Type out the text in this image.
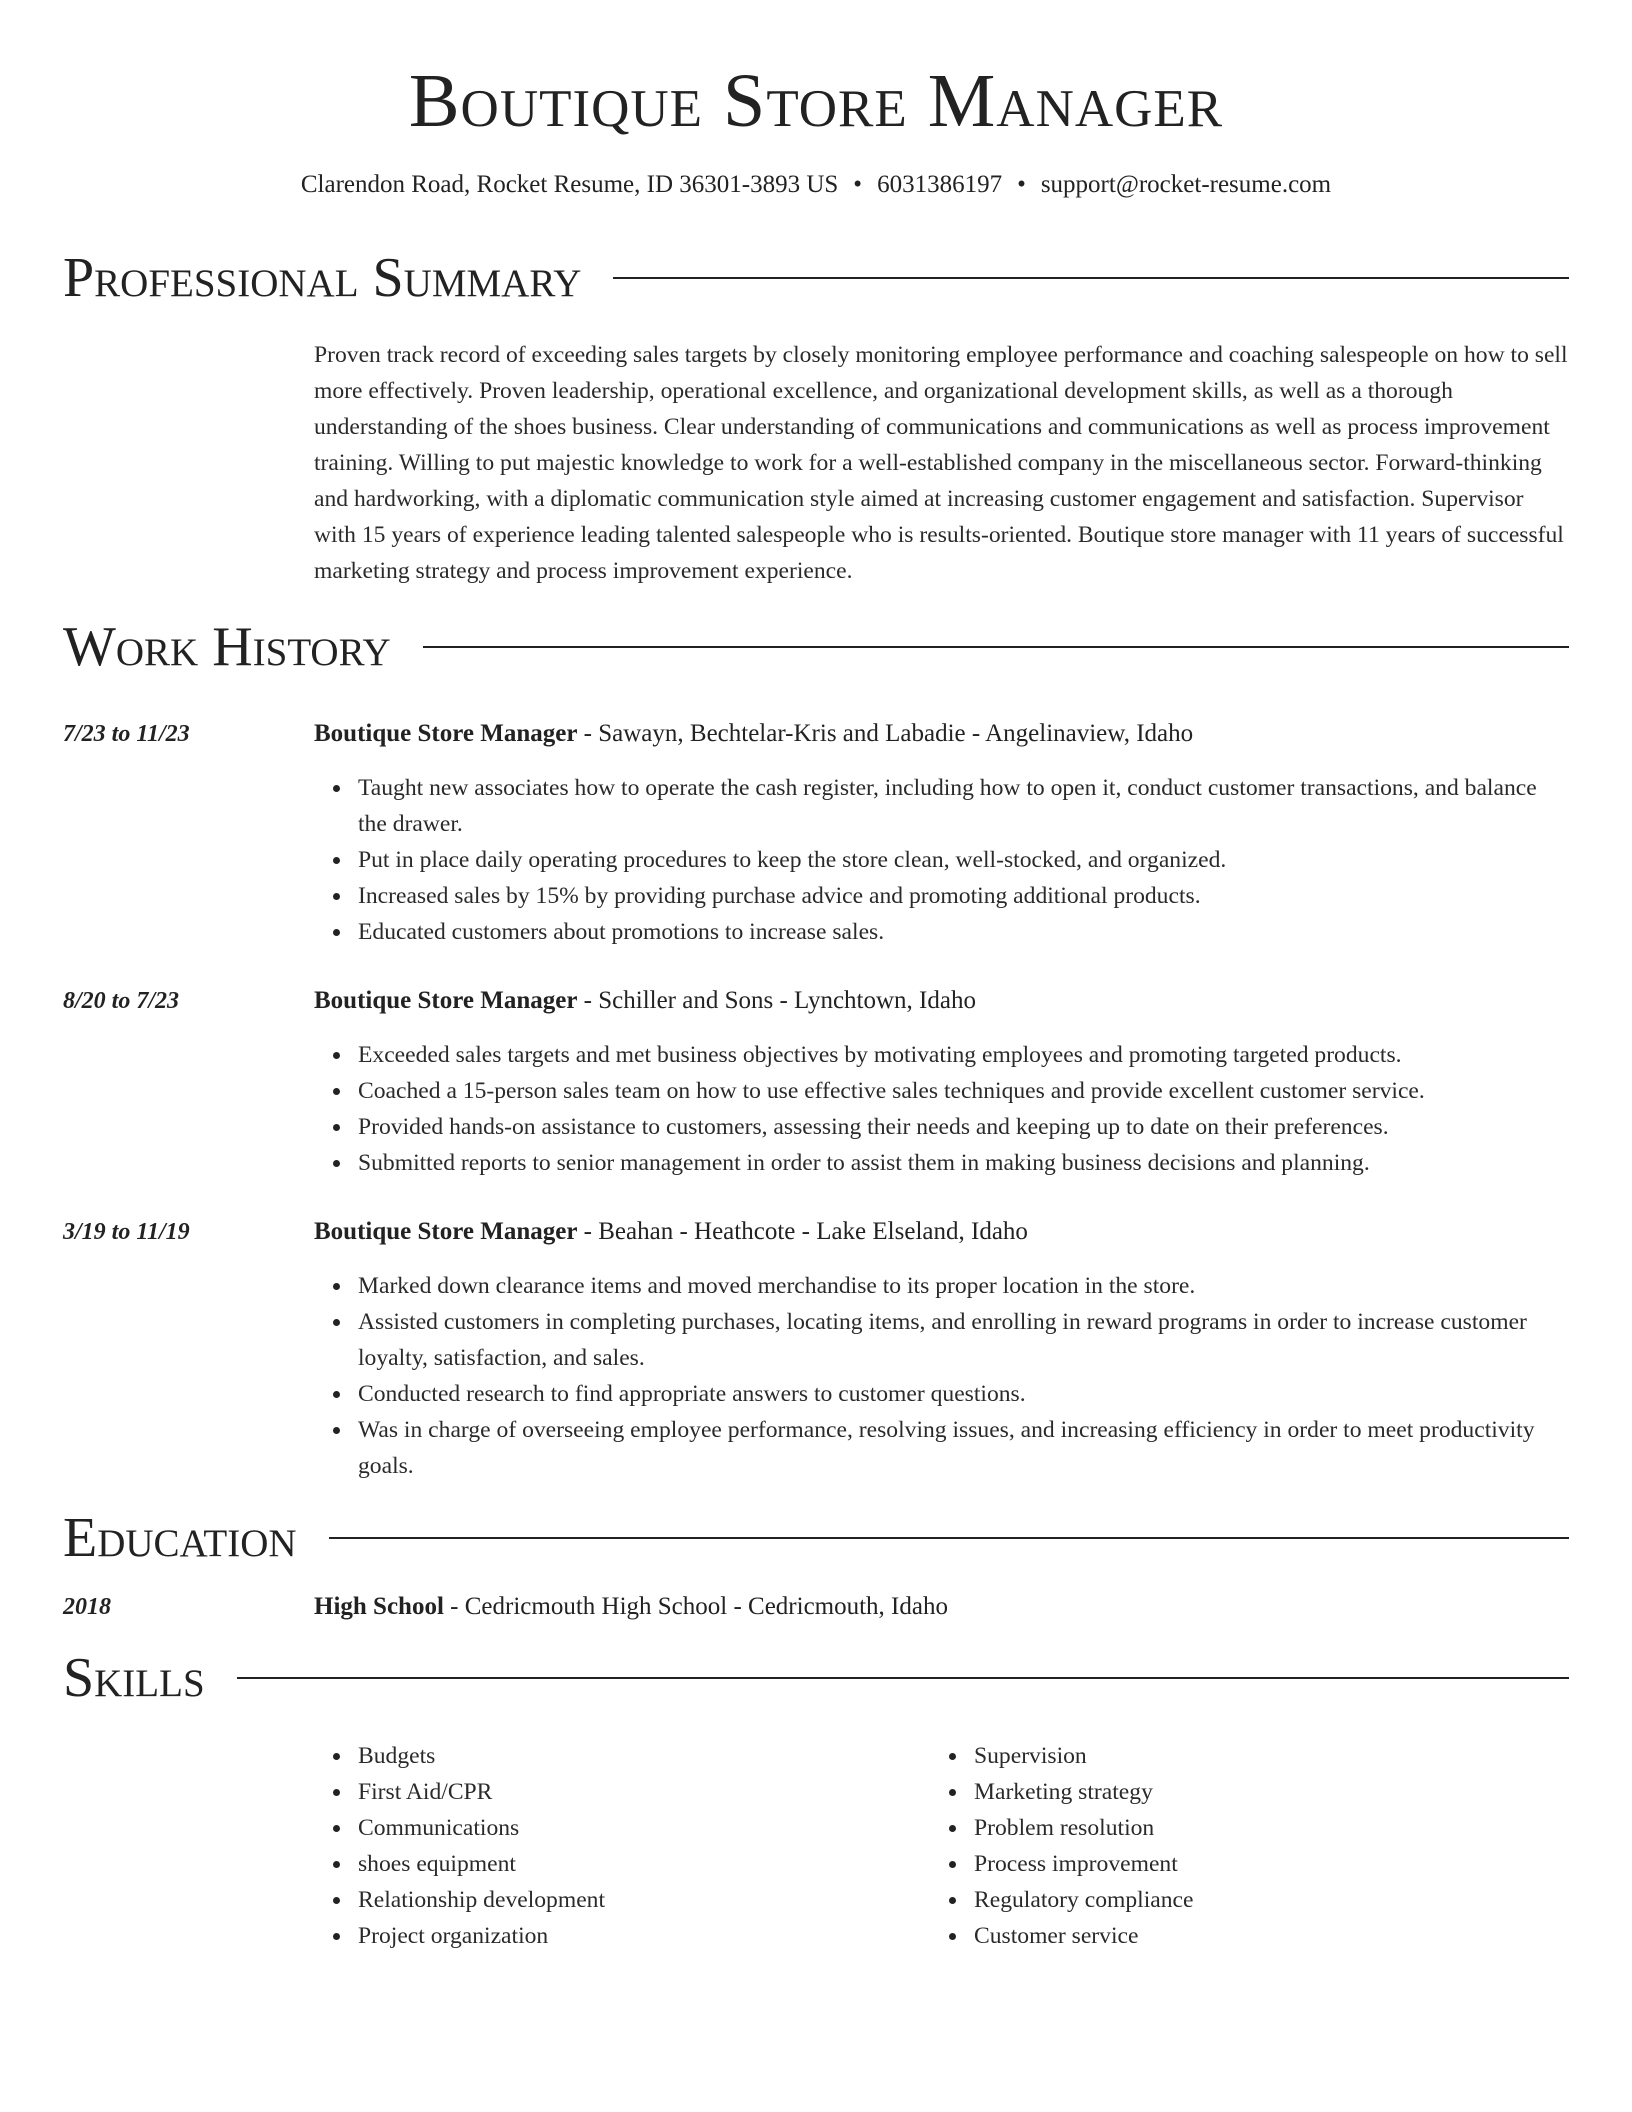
Boutique Store Manager
Clarendon Road, Rocket Resume, ID 36301-3893 US • 6031386197 • support@rocket-resume.com
Professional Summary

Proven track record of exceeding sales targets by closely monitoring employee performance and coaching salespeople on how to sell more effectively. Proven leadership, operational excellence, and organizational development skills, as well as a thorough understanding of the shoes business. Clear understanding of communications and communications as well as process improvement training. Willing to put majestic knowledge to work for a well-established company in the miscellaneous sector. Forward-thinking and hardworking, with a diplomatic communication style aimed at increasing customer engagement and satisfaction. Supervisor with 15 years of experience leading talented salespeople who is results-oriented. Boutique store manager with 11 years of successful marketing strategy and process improvement experience.

Work History
7/23 to 11/23	Boutique Store Manager - Sawayn, Bechtelar-Kris and Labadie - Angelinaview, Idaho
Taught new associates how to operate the cash register, including how to open it, conduct customer transactions, and balance the drawer.
Put in place daily operating procedures to keep the store clean, well-stocked, and organized.
Increased sales by 15% by providing purchase advice and promoting additional products.
Educated customers about promotions to increase sales.
8/20 to 7/23	Boutique Store Manager - Schiller and Sons - Lynchtown, Idaho
Exceeded sales targets and met business objectives by motivating employees and promoting targeted products.
Coached a 15-person sales team on how to use effective sales techniques and provide excellent customer service.
Provided hands-on assistance to customers, assessing their needs and keeping up to date on their preferences.
Submitted reports to senior management in order to assist them in making business decisions and planning.
3/19 to 11/19	Boutique Store Manager - Beahan - Heathcote - Lake Elseland, Idaho
Marked down clearance items and moved merchandise to its proper location in the store.
Assisted customers in completing purchases, locating items, and enrolling in reward programs in order to increase customer loyalty, satisfaction, and sales.
Conducted research to find appropriate answers to customer questions.
Was in charge of overseeing employee performance, resolving issues, and increasing efficiency in order to meet productivity goals.
Education
2018	High School - Cedricmouth High School - Cedricmouth, Idaho
Skills
Budgets
First Aid/CPR
Communications
shoes equipment
Relationship development
Project organization
Supervision
Marketing strategy
Problem resolution
Process improvement
Regulatory compliance
Customer service
